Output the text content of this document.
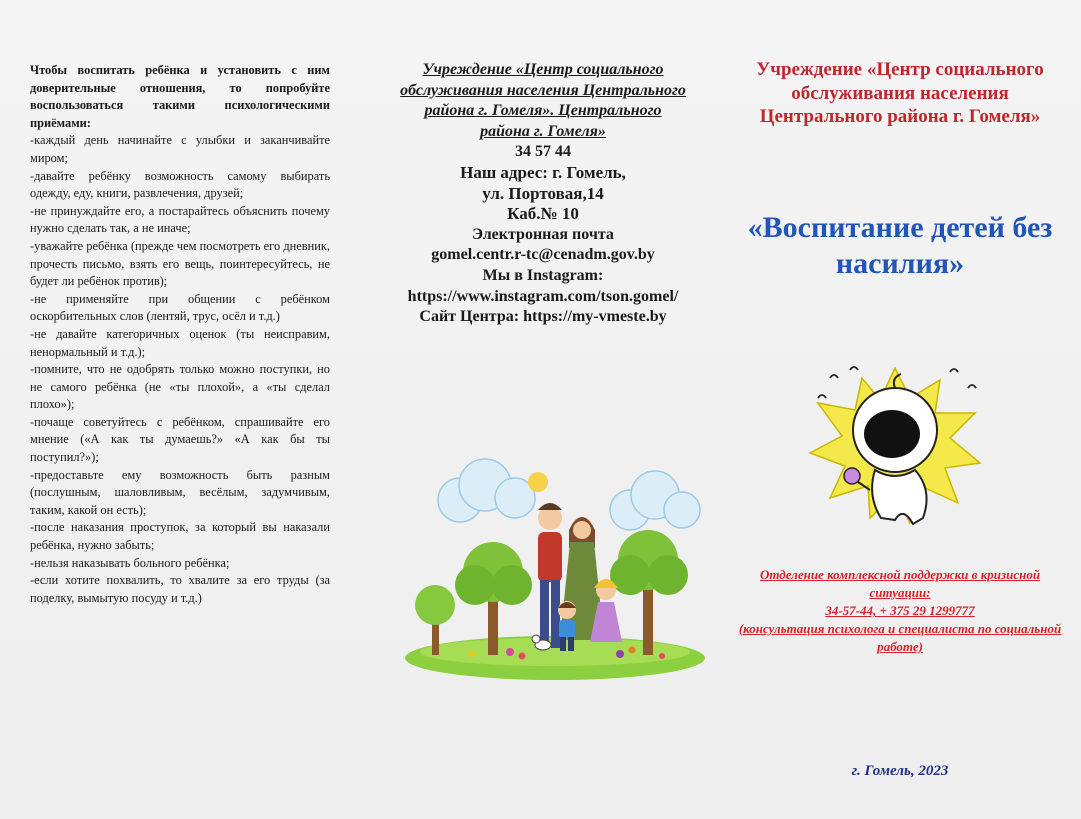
Чтобы воспитать ребёнка и установить с ним доверительные отношения, то попробуйте воспользоваться такими психологическими приёмами:

-каждый день начинайте с улыбки и заканчивайте миром;
-давайте ребёнку возможность самому выбирать одежду, еду, книги, развлечения, друзей;
-не принуждайте его, а постарайтесь объяснить почему нужно сделать так, а не иначе;
-уважайте ребёнка (прежде чем посмотреть его дневник, прочесть письмо, взять его вещь, поинтересуйтесь, не будет ли ребёнок против);
-не применяйте при общении с ребёнком оскорбительных слов (лентяй, трус, осёл и т.д.)
-не давайте категоричных оценок (ты неисправим, ненормальный и т.д.);
-помните, что не одобрять только можно поступки, но не самого ребёнка (не «ты плохой», а «ты сделал плохо»);
-почаще советуйтесь с ребёнком, спрашивайте его мнение («А как ты думаешь?» «А как бы ты поступил?»);
-предоставьте ему возможность быть разным (послушным, шаловливым, весёлым, задумчивым, таким, какой он есть);
-после наказания проступок, за который вы наказали ребёнка, нужно забыть;
-нельзя наказывать больного ребёнка;
-если хотите похвалить, то хвалите за его труды (за поделку, вымытую посуду и т.д.)

Учреждение «Центр социального обслуживания населения Центрального района г. Гомеля». Центрального района г. Гомеля»

34 57 44

Наш адрес: г. Гомель,

ул. Портовая,14

Каб.№ 10

Электронная почта

gomel.centr.r-tc@cenadm.gov.by

Мы в Instagram:

https://www.instagram.com/tson.gomel/

Сайт Центра: https://my-vmeste.by

Учреждение «Центр социального обслуживания населения Центрального района г. Гомеля»

«Воспитание детей без насилия»

Отделение комплексной поддержки в кризисной ситуации:

34-57-44, + 375 29 1299777

(консультация психолога и специалиста по социальной работе)

г. Гомель, 2023
